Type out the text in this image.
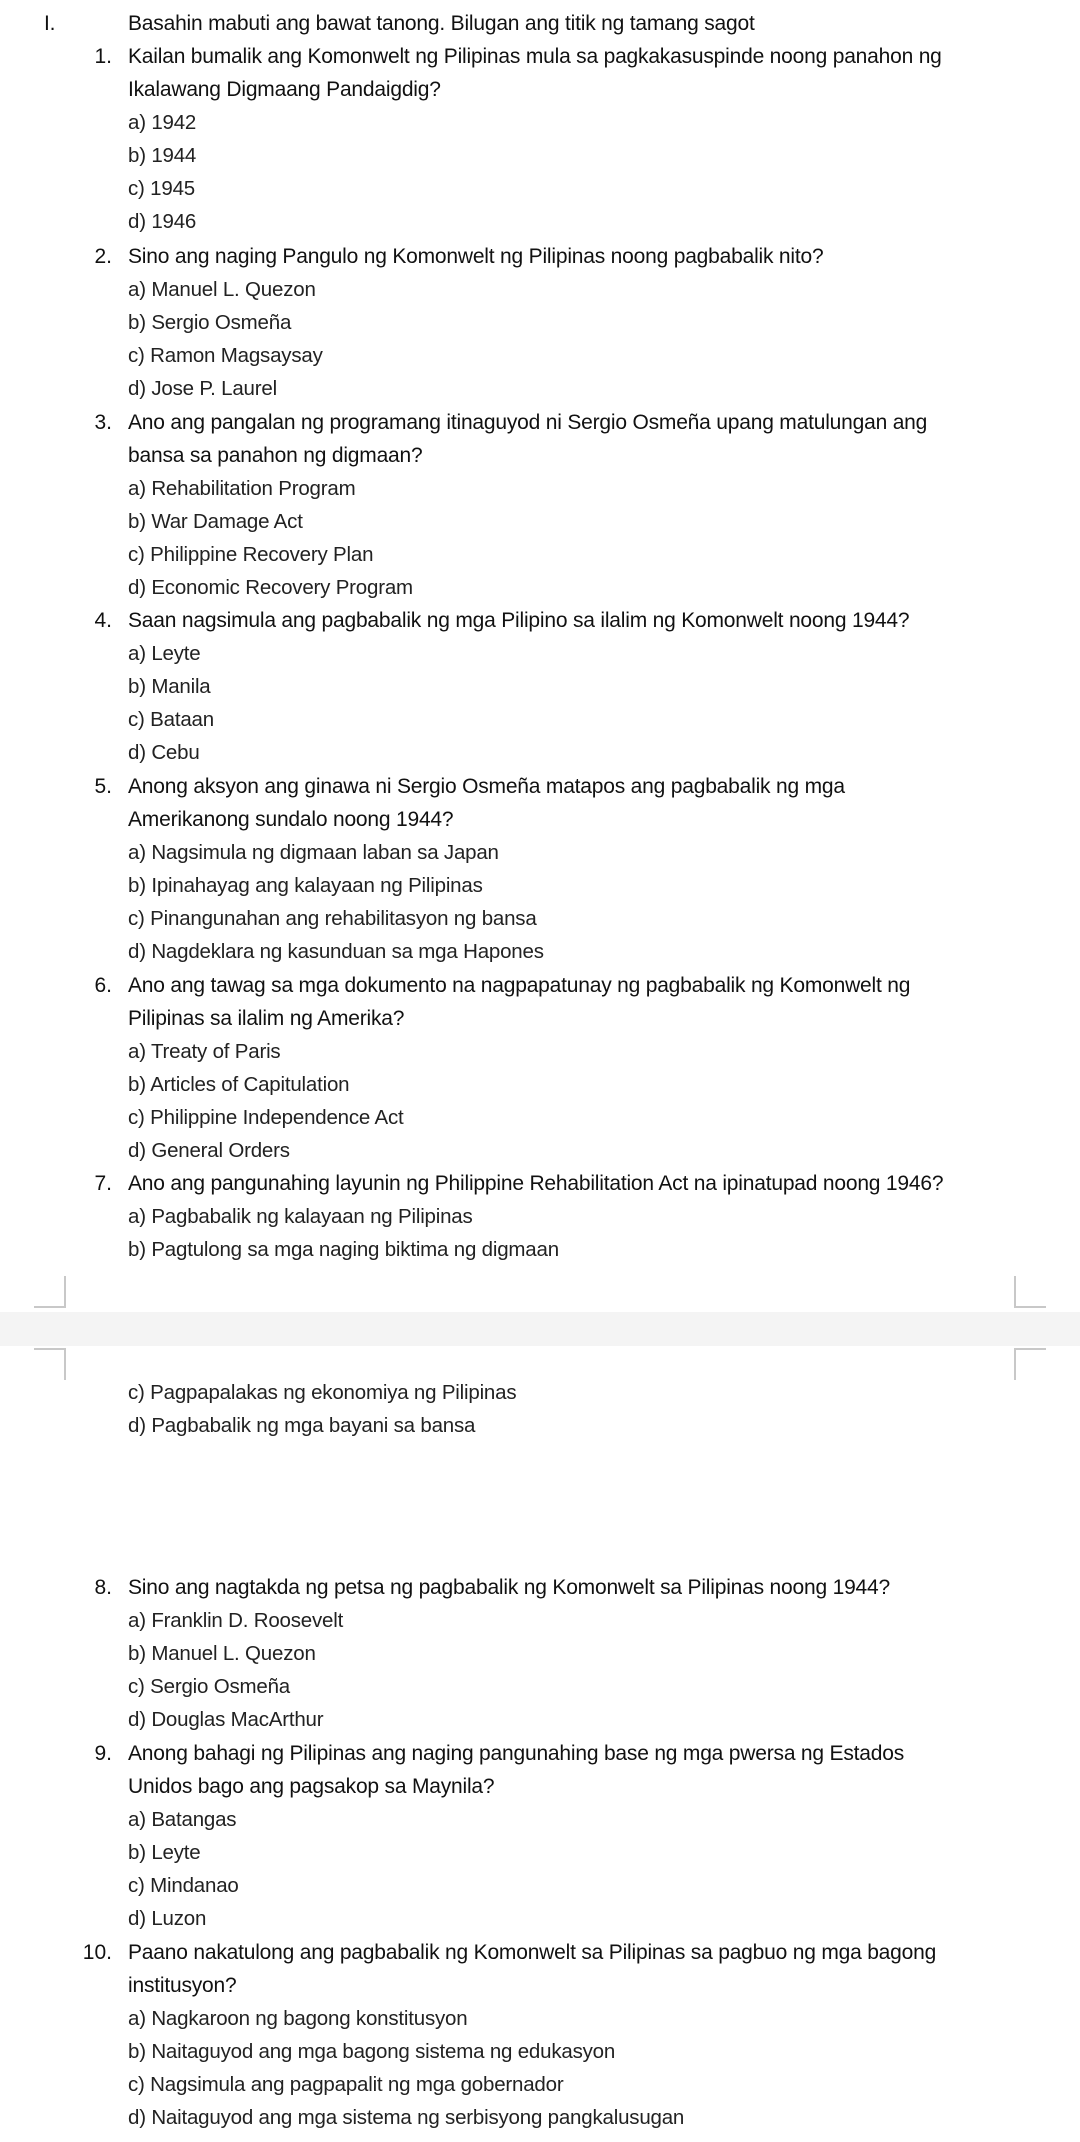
I.	Basahin mabuti ang bawat tanong. Bilugan ang titik ng tamang sagot
1. Kailan bumalik ang Komonwelt ng Pilipinas mula sa pagkakasuspinde noong panahon ng
Ikalawang Digmaang Pandaigdig?
a) 1942
b) 1944
c) 1945
d) 1946
2. Sino ang naging Pangulo ng Komonwelt ng Pilipinas noong pagbabalik nito?
a) Manuel L. Quezon
b) Sergio Osmeña
c) Ramon Magsaysay
d) Jose P. Laurel
3. Ano ang pangalan ng programang itinaguyod ni Sergio Osmeña upang matulungan ang
bansa sa panahon ng digmaan?
a) Rehabilitation Program
b) War Damage Act
c) Philippine Recovery Plan
d) Economic Recovery Program
4. Saan nagsimula ang pagbabalik ng mga Pilipino sa ilalim ng Komonwelt noong 1944?
a) Leyte
b) Manila
c) Bataan
d) Cebu
5. Anong aksyon ang ginawa ni Sergio Osmeña matapos ang pagbabalik ng mga
Amerikanong sundalo noong 1944?
a) Nagsimula ng digmaan laban sa Japan
b) Ipinahayag ang kalayaan ng Pilipinas
c) Pinangunahan ang rehabilitasyon ng bansa
d) Nagdeklara ng kasunduan sa mga Hapones
6. Ano ang tawag sa mga dokumento na nagpapatunay ng pagbabalik ng Komonwelt ng
Pilipinas sa ilalim ng Amerika?
a) Treaty of Paris
b) Articles of Capitulation
c) Philippine Independence Act
d) General Orders
7. Ano ang pangunahing layunin ng Philippine Rehabilitation Act na ipinatupad noong 1946?
a) Pagbabalik ng kalayaan ng Pilipinas
b) Pagtulong sa mga naging biktima ng digmaan
c) Pagpapalakas ng ekonomiya ng Pilipinas
d) Pagbabalik ng mga bayani sa bansa
8. Sino ang nagtakda ng petsa ng pagbabalik ng Komonwelt sa Pilipinas noong 1944?
a) Franklin D. Roosevelt
b) Manuel L. Quezon
c) Sergio Osmeña
d) Douglas MacArthur
9. Anong bahagi ng Pilipinas ang naging pangunahing base ng mga pwersa ng Estados
Unidos bago ang pagsakop sa Maynila?
a) Batangas
b) Leyte
c) Mindanao
d) Luzon
10. Paano nakatulong ang pagbabalik ng Komonwelt sa Pilipinas sa pagbuo ng mga bagong
institusyon?
a) Nagkaroon ng bagong konstitusyon
b) Naitaguyod ang mga bagong sistema ng edukasyon
c) Nagsimula ang pagpapalit ng mga gobernador
d) Naitaguyod ang mga sistema ng serbisyong pangkalusugan
